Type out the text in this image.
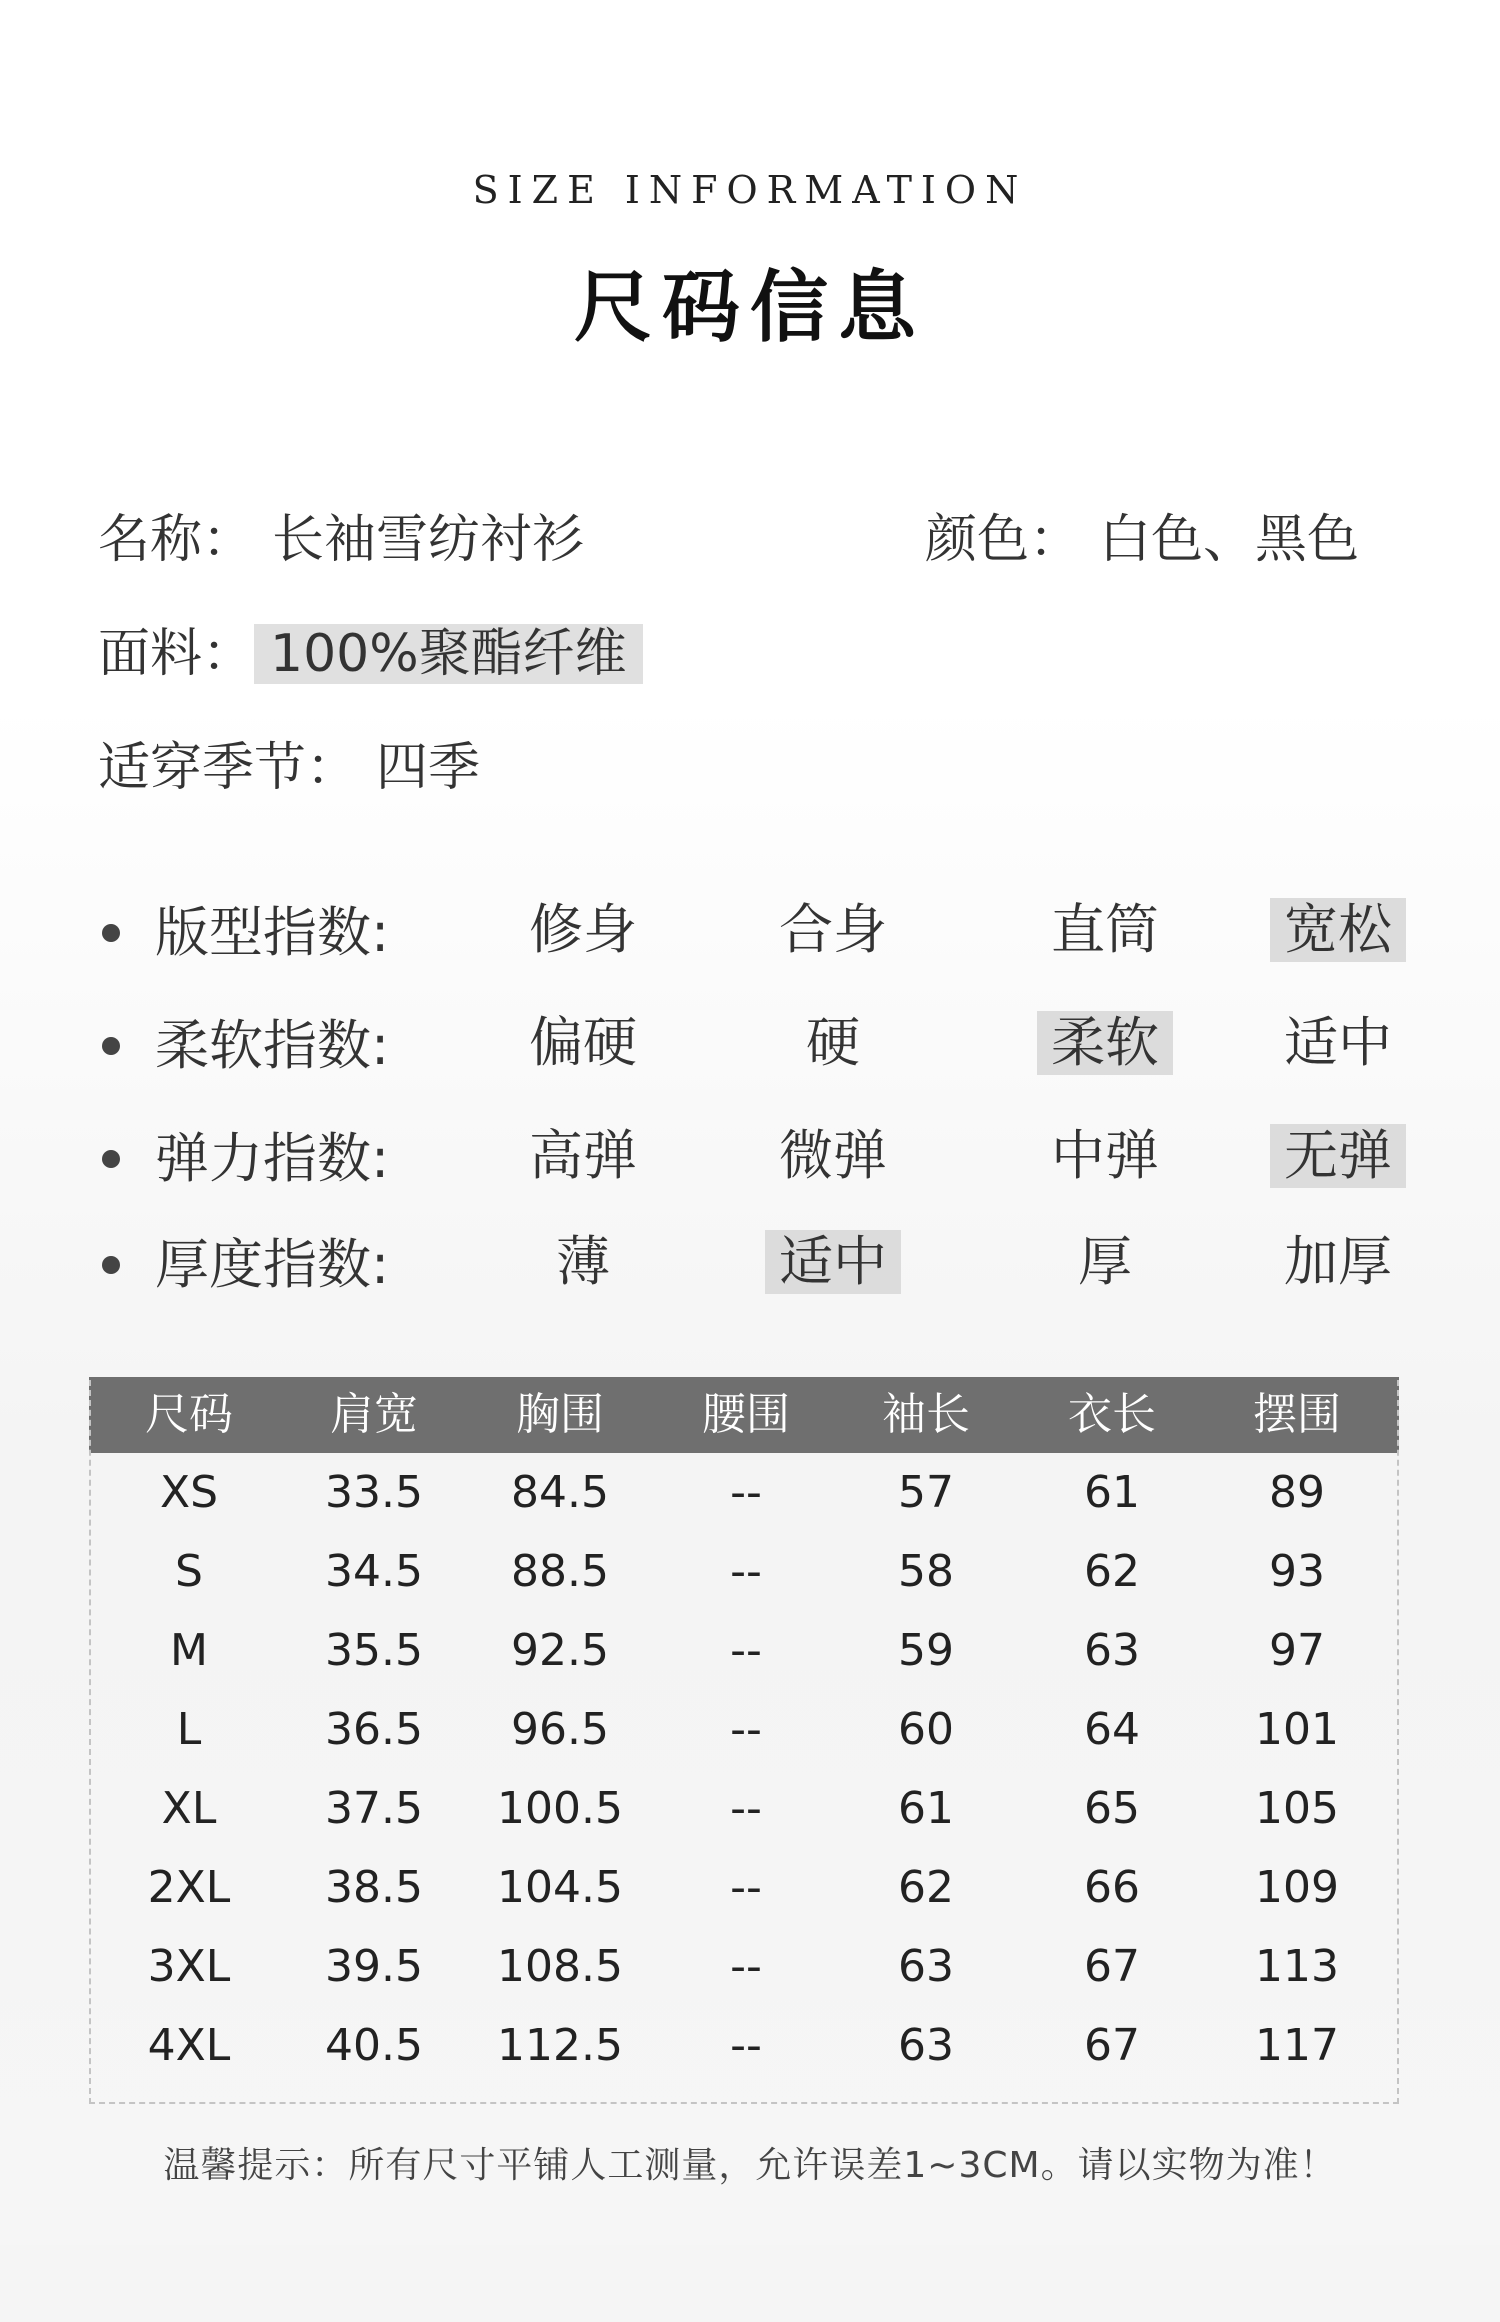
SIZE INFORMATION
尺码信息
名称： 长袖雪纺衬衫	颜色： 白色、黑色
面料： 100%聚酯纤维
适穿季节： 四季
版型指数:	修身	合身	直筒	宽松
柔软指数:	偏硬	硬	柔软	适中
弹力指数:	高弹	微弹	中弹	无弹
厚度指数:	薄	适中	厚	加厚
尺码	肩宽	胸围	腰围	袖长	衣长	摆围
XS	33.5	84.5	--	57	61	89
S	34.5	88.5	--	58	62	93
M	35.5	92.5	--	59	63	97
L	36.5	96.5	--	60	64	101
XL	37.5	100.5	--	61	65	105
2XL	38.5	104.5	--	62	66	109
3XL	39.5	108.5	--	63	67	113
4XL	40.5	112.5	--	63	67	117
温馨提示：所有尺寸平铺人工测量，允许误差1~3CM。请以实物为准！
